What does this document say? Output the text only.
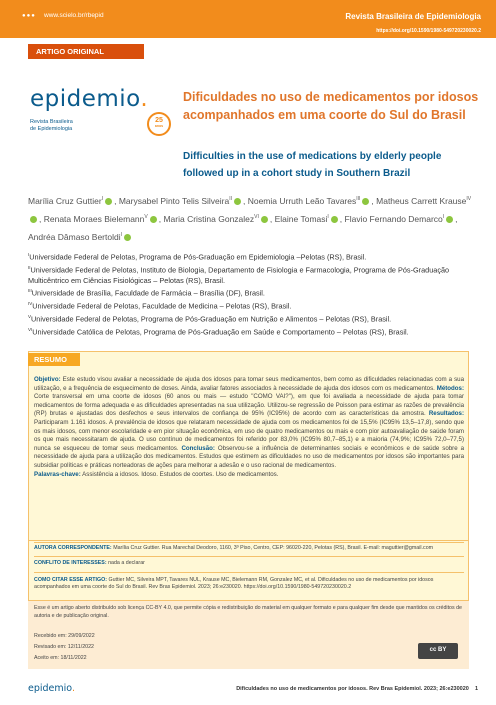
●●● www.scielo.br/rbepid	Revista Brasileira de Epidemiologia
https://doi.org/10.1590/1980-549720230020.2
ARTIGO ORIGINAL
epidemio.
Revista Brasileira
de Epidemiologia
25
anos
Dificuldades no uso de medicamentos por idosos acompanhados em uma coorte do Sul do Brasil
Difficulties in the use of medications by elderly people followed up in a cohort study in Southern Brazil
Marília Cruz Guttier$^I$ , Marysabel Pinto Telis Silveira$^{II}$ , Noemia Urruth Leão Tavares$^{III}$ , Matheus Carrett Krause$^{IV}$, Renata Moraes Bielemann$^V$ , Maria Cristina Gonzalez$^{VI}$ , Elaine Tomasi$^I$ , Flavio Fernando Demarco$^I$ , Andréa Dâmaso Bertoldi$^I$
$^I$Universidade Federal de Pelotas, Programa de Pós-Graduação em Epidemiologia –Pelotas (RS), Brasil.
$^{II}$Universidade Federal de Pelotas, Instituto de Biologia, Departamento de Fisiologia e Farmacologia, Programa de Pós-Graduação Multicêntrico em Ciências Fisiológicas – Pelotas (RS), Brasil.
$^{III}$Universidade de Brasília, Faculdade de Farmácia – Brasília (DF), Brasil.
$^{IV}$Universidade Federal de Pelotas, Faculdade de Medicina – Pelotas (RS), Brasil.
$^V$Universidade Federal de Pelotas, Programa de Pós-Graduação em Nutrição e Alimentos – Pelotas (RS), Brasil.
$^{VI}$Universidade Católica de Pelotas, Programa de Pós-Graduação em Saúde e Comportamento – Pelotas (RS), Brasil.
RESUMO
Objetivo: Este estudo visou avaliar a necessidade de ajuda dos idosos para tomar seus medicamentos, bem como as dificuldades relacionadas com a sua utilização, e a frequência de esquecimento de doses. Ainda, avaliar fatores associados à necessidade de ajuda dos idosos com os medicamentos. Métodos: Corte transversal em uma coorte de idosos (60 anos ou mais — estudo "COMO VAI?"), em que foi avaliada a necessidade de ajuda para tomar medicamentos de forma adequada e as dificuldades apresentadas na sua utilização. Utilizou-se regressão de Poisson para estimar as razões de prevalência (RP) brutas e ajustadas dos desfechos e seus intervalos de confiança de 95% (IC95%) de acordo com as características da amostra. Resultados: Participaram 1.161 idosos. A prevalência de idosos que relataram necessidade de ajuda com os medicamentos foi de 15,5% (IC95% 13,5–17,8), sendo que os mais idosos, com menor escolaridade e em pior situação econômica, em uso de quatro medicamentos ou mais e com pior autoavaliação de saúde foram os que mais necessitaram de ajuda. O uso contínuo de medicamentos foi referido por 83,0% (IC95% 80,7–85,1) e a maioria (74,9%; IC95% 72,0–77,5) nunca se esqueceu de tomar seus medicamentos. Conclusão: Observou-se a influência de determinantes sociais e econômicos e de saúde sobre a necessidade de ajuda para a utilização dos medicamentos. Estudos que estimem as dificuldades no uso de medicamentos por idosos são importantes para subsidiar políticas e práticas norteadoras de ações para melhorar a adesão e o uso racional de medicamentos.
Palavras-chave: Assistência a idosos. Idoso. Estudos de coortes. Uso de medicamentos.
AUTORA CORRESPONDENTE: Marília Cruz Guttier. Rua Marechal Deodoro, 1160, 3º Piso, Centro, CEP: 96020-220, Pelotas (RS), Brasil. E-mail: maguttier@gmail.com
CONFLITO DE INTERESSES: nada a declarar
COMO CITAR ESSE ARTIGO: Guttier MC, Silveira MPT, Tavares NUL, Krause MC, Bielemann RM, Gonzalez MC, et al. Dificuldades no uso de medicamentos por idosos acompanhados em uma coorte do Sul do Brasil. Rev Bras Epidemiol. 2023; 26:e230020. https://doi.org/10.1590/1980-549720230020.2
Esse é um artigo aberto distribuído sob licença CC-BY 4.0, que permite cópia e redistribuição do material em qualquer formato e para qualquer fim desde que mantidos os créditos de autoria e de publicação original.
Recebido em: 29/09/2022
Revisado em: 12/11/2022
Aceito em: 18/11/2022
cc BY
epidemio.	Dificuldades no uso de medicamentos por idosos. Rev Bras Epidemiol. 2023; 26:e230020 1
